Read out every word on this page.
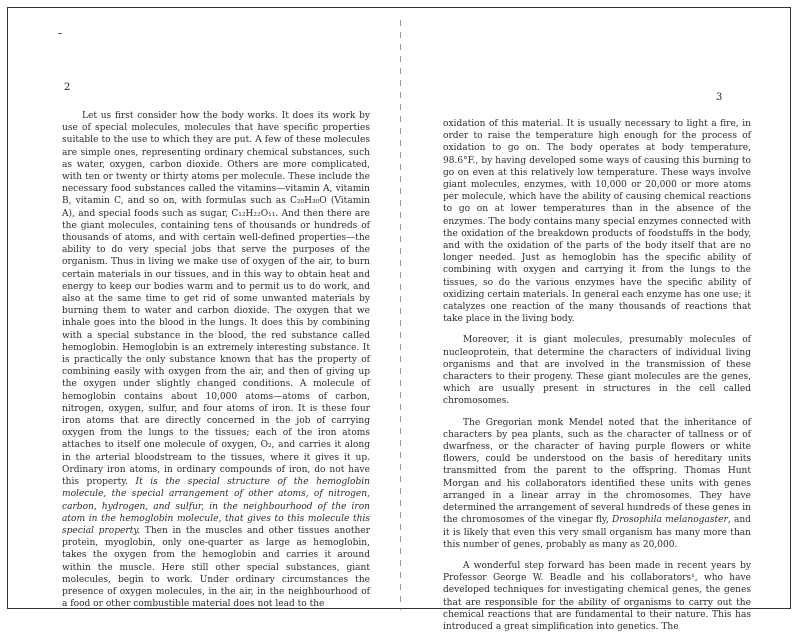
-
2
3

Let us first consider how the body works. It does its work by use of special molecules, molecules that have specific properties suitable to the use to which they are put. A few of these molecules are simple ones, representing ordinary chemical substances, such as water, oxygen, carbon dioxide. Others are more complicated, with ten or twenty or thirty atoms per molecule. These include the necessary food substances called the vitamins—vitamin A, vitamin B, vitamin C, and so on, with formulas such as C₂₀H₃₀O (Vitamin A), and special foods such as sugar, C₁₂H₂₂O₁₁. And then there are the giant molecules, containing tens of thousands or hundreds of thousands of atoms, and with certain well-defined properties—the ability to do very special jobs that serve the purposes of the organism. Thus in living we make use of oxygen of the air, to burn certain materials in our tissues, and in this way to obtain heat and energy to keep our bodies warm and to permit us to do work, and also at the same time to get rid of some unwanted materials by burning them to water and carbon dioxide. The oxygen that we inhale goes into the blood in the lungs. It does this by combining with a special substance in the blood, the red substance called hemoglobin. Hemoglobin is an extremely interesting substance. It is practically the only substance known that has the property of combining easily with oxygen from the air, and then of giving up the oxygen under slightly changed conditions. A molecule of hemoglobin contains about 10,000 atoms—atoms of carbon, nitrogen, oxygen, sulfur, and four atoms of iron. It is these four iron atoms that are directly concerned in the job of carrying oxygen from the lungs to the tissues; each of the iron atoms attaches to itself one molecule of oxygen, O₂, and carries it along in the arterial bloodstream to the tissues, where it gives it up. Ordinary iron atoms, in ordinary compounds of iron, do not have this property. It is the special structure of the hemoglobin molecule, the special arrangement of other atoms, of nitrogen, carbon, hydrogen, and sulfur, in the neighbourhood of the iron atom in the hemoglobin molecule, that gives to this molecule this special property. Then in the muscles and other tissues another protein, myoglobin, only one-quarter as large as hemoglobin, takes the oxygen from the hemoglobin and carries it around within the muscle. Here still other special substances, giant molecules, begin to work. Under ordinary circumstances the presence of oxygen molecules, in the air, in the neighbourhood of a food or other combustible material does not lead to the

oxidation of this material. It is usually necessary to light a fire, in order to raise the temperature high enough for the process of oxidation to go on. The body operates at body temperature, 98.6°F., by having developed some ways of causing this burning to go on even at this relatively low temperature. These ways involve giant molecules, enzymes, with 10,000 or 20,000 or more atoms per molecule, which have the ability of causing chemical reactions to go on at lower temperatures than in the absence of the enzymes. The body contains many special enzymes connected with the oxidation of the breakdown products of foodstuffs in the body, and with the oxidation of the parts of the body itself that are no longer needed. Just as hemoglobin has the specific ability of combining with oxygen and carrying it from the lungs to the tissues, so do the various enzymes have the specific ability of oxidizing certain materials. In general each enzyme has one use; it catalyzes one reaction of the many thousands of reactions that take place in the living body.

Moreover, it is giant molecules, presumably molecules of nucleoprotein, that determine the characters of individual living organisms and that are involved in the transmission of these characters to their progeny. These giant molecules are the genes, which are usually present in structures in the cell called chromosomes.

The Gregorian monk Mendel noted that the inheritance of characters by pea plants, such as the character of tallness or of dwarfness, or the character of having purple flowers or white flowers, could be understood on the basis of hereditary units transmitted from the parent to the offspring. Thomas Hunt Morgan and his collaborators identified these units with genes arranged in a linear array in the chromosomes. They have determined the arrangement of several hundreds of these genes in the chromosomes of the vinegar fly, Drosophila melanogaster, and it is likely that even this very small organism has many more than this number of genes, probably as many as 20,000.

A wonderful step forward has been made in recent years by Professor George W. Beadle and his collaborators¹, who have developed techniques for investigating chemical genes, the genes that are responsible for the ability of organisms to carry out the chemical reactions that are fundamental to their nature. This has introduced a great simplification into genetics. The
